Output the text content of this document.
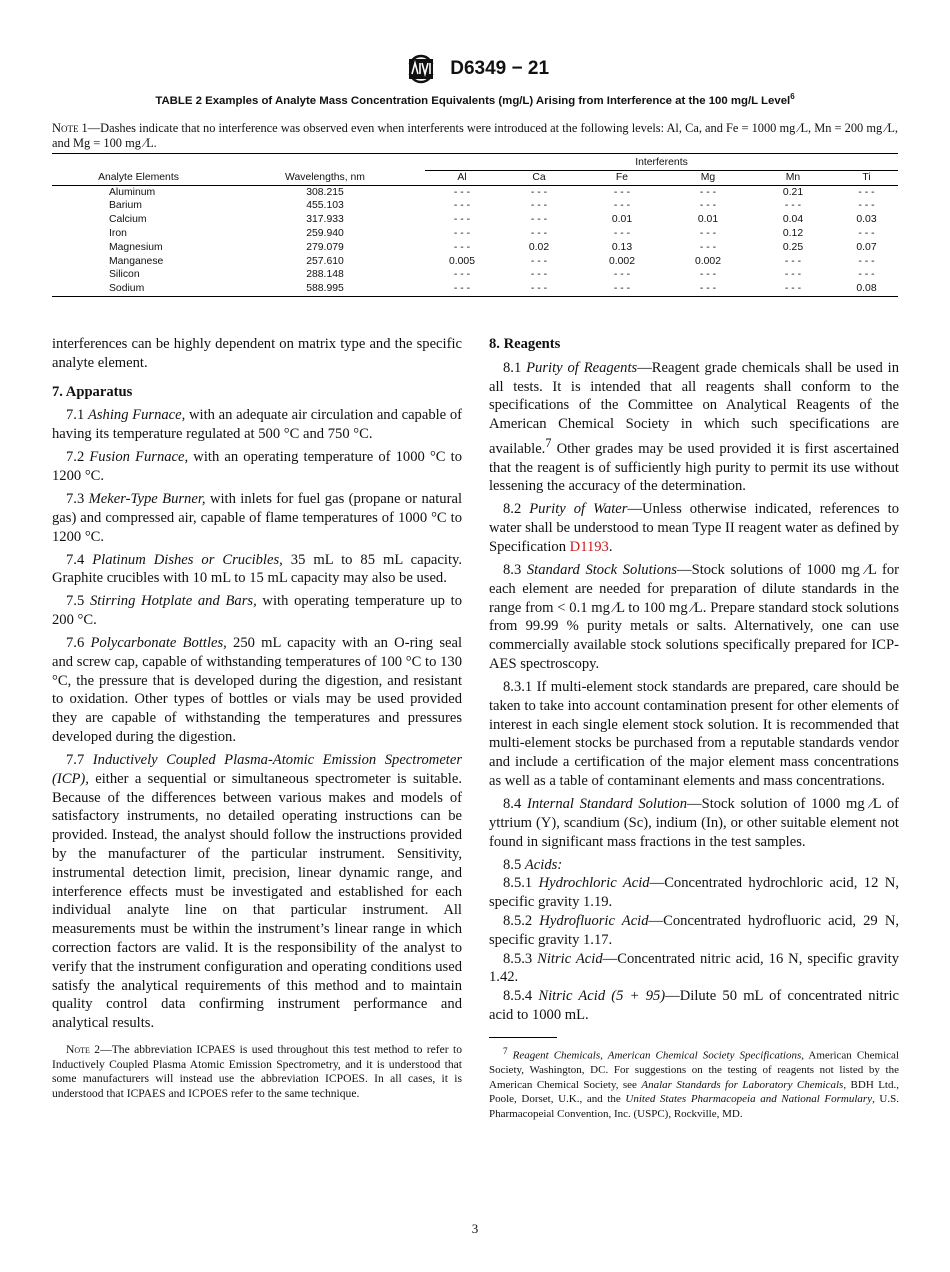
D6349 − 21
TABLE 2 Examples of Analyte Mass Concentration Equivalents (mg/L) Arising from Interference at the 100 mg/L Level$^6$
Note 1—Dashes indicate that no interference was observed even when interferents were introduced at the following levels: Al, Ca, and Fe = 1000 mg ⁄L, Mn = 200 mg ⁄L, and Mg = 100 mg ⁄L.

		Interferents					
Analyte Elements	Wavelengths, nm	Al	Ca	Fe	Mg	Mn	Ti
Aluminum	308.215	- - -	- - -	- - -	- - -	0.21	- - -
Barium	455.103	- - -	- - -	- - -	- - -	- - -	- - -
Calcium	317.933	- - -	- - -	0.01	0.01	0.04	0.03
Iron	259.940	- - -	- - -	- - -	- - -	0.12	- - -
Magnesium	279.079	- - -	0.02	0.13	- - -	0.25	0.07
Manganese	257.610	0.005	- - -	0.002	0.002	- - -	- - -
Silicon	288.148	- - -	- - -	- - -	- - -	- - -	- - -
Sodium	588.995	- - -	- - -	- - -	- - -	- - -	0.08

interferences can be highly dependent on matrix type and the specific analyte element.

7. Apparatus

7.1 Ashing Furnace, with an adequate air circulation and capable of having its temperature regulated at 500 °C and 750 °C.

7.2 Fusion Furnace, with an operating temperature of 1000 °C to 1200 °C.

7.3 Meker-Type Burner, with inlets for fuel gas (propane or natural gas) and compressed air, capable of flame temperatures of 1000 °C to 1200 °C.

7.4 Platinum Dishes or Crucibles, 35 mL to 85 mL capacity. Graphite crucibles with 10 mL to 15 mL capacity may also be used.

7.5 Stirring Hotplate and Bars, with operating temperature up to 200 °C.

7.6 Polycarbonate Bottles, 250 mL capacity with an O-ring seal and screw cap, capable of withstanding temperatures of 100 °C to 130 °C, the pressure that is developed during the digestion, and resistant to oxidation. Other types of bottles or vials may be used provided they are capable of withstanding the temperatures and pressures developed during the digestion.

7.7 Inductively Coupled Plasma-Atomic Emission Spectrometer (ICP), either a sequential or simultaneous spectrometer is suitable. Because of the differences between various makes and models of satisfactory instruments, no detailed operating instructions can be provided. Instead, the analyst should follow the instructions provided by the manufacturer of the particular instrument. Sensitivity, instrumental detection limit, precision, linear dynamic range, and interference effects must be investigated and established for each individual analyte line on that particular instrument. All measurements must be within the instrument’s linear range in which correction factors are valid. It is the responsibility of the analyst to verify that the instrument configuration and operating conditions used satisfy the analytical requirements of this method and to maintain quality control data confirming instrument performance and analytical results.

Note 2—The abbreviation ICPAES is used throughout this test method to refer to Inductively Coupled Plasma Atomic Emission Spectrometry, and it is understood that some manufacturers will instead use the abbreviation ICPOES. In all cases, it is understood that ICPAES and ICPOES refer to the same technique.

8. Reagents

8.1 Purity of Reagents—Reagent grade chemicals shall be used in all tests. It is intended that all reagents shall conform to the specifications of the Committee on Analytical Reagents of the American Chemical Society in which such specifications are available.$^7$ Other grades may be used provided it is first ascertained that the reagent is of sufficiently high purity to permit its use without lessening the accuracy of the determination.

8.2 Purity of Water—Unless otherwise indicated, references to water shall be understood to mean Type II reagent water as defined by Specification D1193.

8.3 Standard Stock Solutions—Stock solutions of 1000 mg ⁄L for each element are needed for preparation of dilute standards in the range from < 0.1 mg ⁄L to 100 mg ⁄L. Prepare standard stock solutions from 99.99 % purity metals or salts. Alternatively, one can use commercially available stock solutions specifically prepared for ICP-AES spectroscopy.

8.3.1 If multi-element stock standards are prepared, care should be taken to take into account contamination present for other elements of interest in each single element stock solution. It is recommended that multi-element stocks be purchased from a reputable standards vendor and include a certification of the major element mass concentrations as well as a table of contaminant elements and mass concentrations.

8.4 Internal Standard Solution—Stock solution of 1000 mg ⁄L of yttrium (Y), scandium (Sc), indium (In), or other suitable element not found in significant mass fractions in the test samples.

8.5 Acids:

8.5.1 Hydrochloric Acid—Concentrated hydrochloric acid, 12 N, specific gravity 1.19.

8.5.2 Hydrofluoric Acid—Concentrated hydrofluoric acid, 29 N, specific gravity 1.17.

8.5.3 Nitric Acid—Concentrated nitric acid, 16 N, specific gravity 1.42.

8.5.4 Nitric Acid (5 + 95)—Dilute 50 mL of concentrated nitric acid to 1000 mL.

$^7$ Reagent Chemicals, American Chemical Society Specifications, American Chemical Society, Washington, DC. For suggestions on the testing of reagents not listed by the American Chemical Society, see Analar Standards for Laboratory Chemicals, BDH Ltd., Poole, Dorset, U.K., and the United States Pharmacopeia and National Formulary, U.S. Pharmacopeial Convention, Inc. (USPC), Rockville, MD.

3
